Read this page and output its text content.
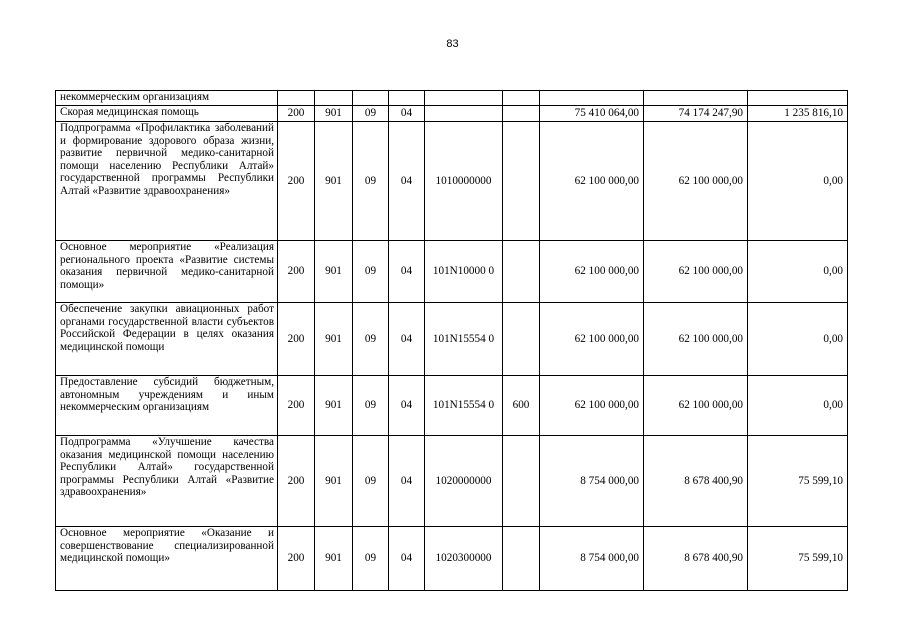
83
некоммерческим организациям									
Скорая медицинская помощь	200	901	09	04			75 410 064,00	74 174 247,90	1 235 816,10
Подпрограмма «Профилактика заболеваний и формирование здорового образа жизни, развитие первичной медико-санитарной помощи населению Республики Алтай» государственной программы Республики Алтай «Развитие здравоохранения»	200	901	09	04	1010000000		62 100 000,00	62 100 000,00	0,00
Основное мероприятие «Реализация регионального проекта «Развитие системы оказания первичной медико-санитарной помощи»	200	901	09	04	101N10000 0		62 100 000,00	62 100 000,00	0,00
Обеспечение закупки авиационных работ органами государственной власти субъектов Российской Федерации в целях оказания медицинской помощи	200	901	09	04	101N15554 0		62 100 000,00	62 100 000,00	0,00
Предоставление субсидий бюджетным, автономным учреждениям и иным некоммерческим организациям	200	901	09	04	101N15554 0	600	62 100 000,00	62 100 000,00	0,00
Подпрограмма «Улучшение качества оказания медицинской помощи населению Республики Алтай» государственной программы Республики Алтай «Развитие здравоохранения»	200	901	09	04	1020000000		8 754 000,00	8 678 400,90	75 599,10
Основное мероприятие «Оказание и совершенствование специализированной медицинской помощи»	200	901	09	04	1020300000		8 754 000,00	8 678 400,90	75 599,10
